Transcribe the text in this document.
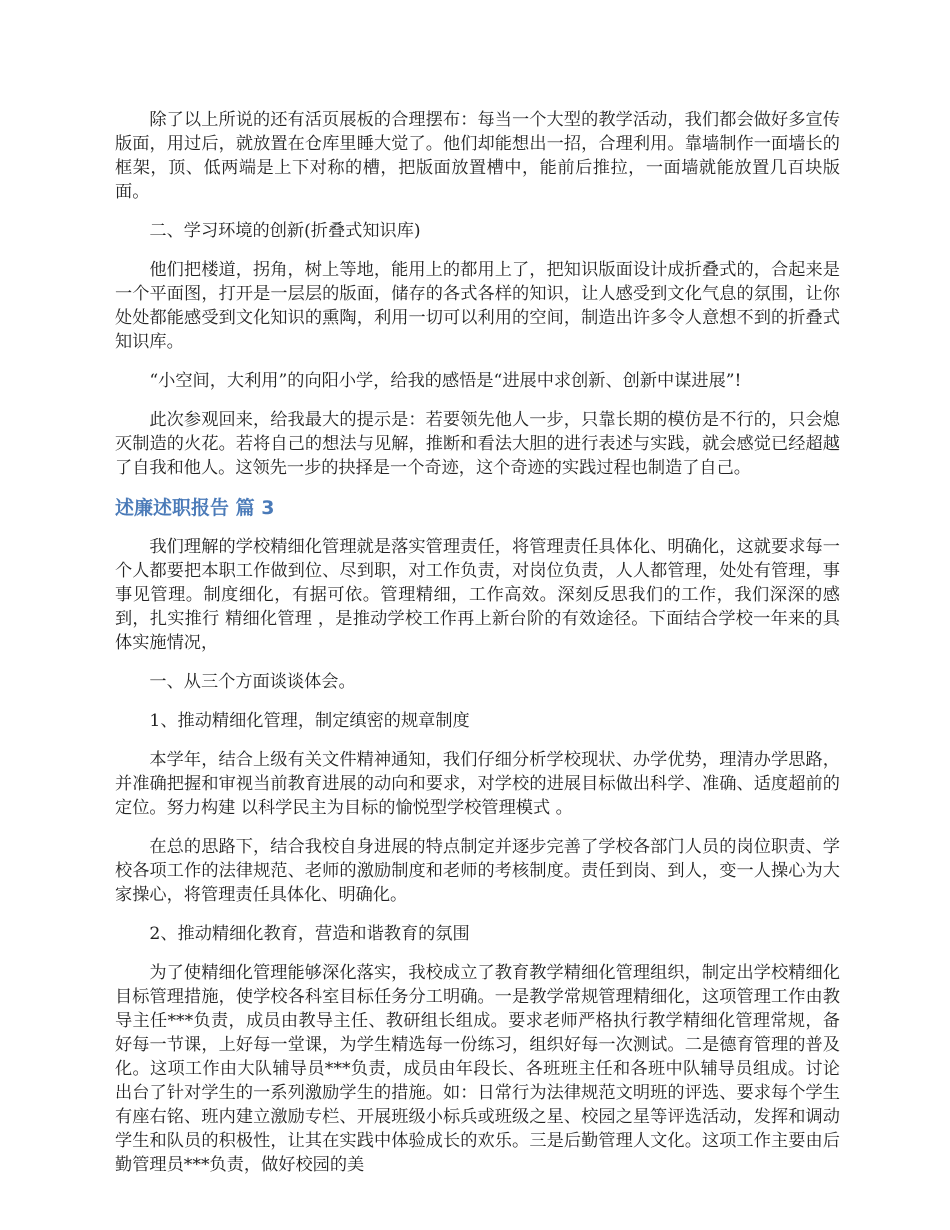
除了以上所说的还有活页展板的合理摆布：每当一个大型的教学活动，我们都会做好多宣传版面，用过后，就放置在仓库里睡大觉了。他们却能想出一招，合理利用。靠墙制作一面墙长的框架，顶、低两端是上下对称的槽，把版面放置槽中，能前后推拉，一面墙就能放置几百块版面。

二、学习环境的创新(折叠式知识库)

他们把楼道，拐角，树上等地，能用上的都用上了，把知识版面设计成折叠式的，合起来是一个平面图，打开是一层层的版面，储存的各式各样的知识，让人感受到文化气息的氛围，让你处处都能感受到文化知识的熏陶，利用一切可以利用的空间，制造出许多令人意想不到的折叠式知识库。

“小空间，大利用”的向阳小学，给我的感悟是“进展中求创新、创新中谋进展”!

此次参观回来，给我最大的提示是：若要领先他人一步，只靠长期的模仿是不行的，只会熄灭制造的火花。若将自己的想法与见解，推断和看法大胆的进行表述与实践，就会感觉已经超越了自我和他人。这领先一步的抉择是一个奇迹，这个奇迹的实践过程也制造了自己。

述廉述职报告 篇 3

我们理解的学校精细化管理就是落实管理责任，将管理责任具体化、明确化，这就要求每一个人都要把本职工作做到位、尽到职，对工作负责，对岗位负责，人人都管理，处处有管理，事事见管理。制度细化，有据可依。管理精细，工作高效。深刻反思我们的工作，我们深深的感到，扎实推行 精细化管理 ，是推动学校工作再上新台阶的有效途径。下面结合学校一年来的具体实施情况，

一、从三个方面谈谈体会。

1、推动精细化管理，制定缜密的规章制度

本学年，结合上级有关文件精神通知，我们仔细分析学校现状、办学优势，理清办学思路，并准确把握和审视当前教育进展的动向和要求，对学校的进展目标做出科学、准确、适度超前的定位。努力构建 以科学民主为目标的愉悦型学校管理模式 。

在总的思路下，结合我校自身进展的特点制定并逐步完善了学校各部门人员的岗位职责、学校各项工作的法律规范、老师的激励制度和老师的考核制度。责任到岗、到人，变一人操心为大家操心，将管理责任具体化、明确化。

2、推动精细化教育，营造和谐教育的氛围

为了使精细化管理能够深化落实，我校成立了教育教学精细化管理组织，制定出学校精细化目标管理措施，使学校各科室目标任务分工明确。一是教学常规管理精细化，这项管理工作由教导主任***负责，成员由教导主任、教研组长组成。要求老师严格执行教学精细化管理常规，备好每一节课，上好每一堂课，为学生精选每一份练习，组织好每一次测试。二是德育管理的普及化。这项工作由大队辅导员***负责，成员由年段长、各班班主任和各班中队辅导员组成。讨论出台了针对学生的一系列激励学生的措施。如：日常行为法律规范文明班的评选、要求每个学生有座右铭、班内建立激励专栏、开展班级小标兵或班级之星、校园之星等评选活动，发挥和调动学生和队员的积极性，让其在实践中体验成长的欢乐。三是后勤管理人文化。这项工作主要由后勤管理员***负责，做好校园的美
